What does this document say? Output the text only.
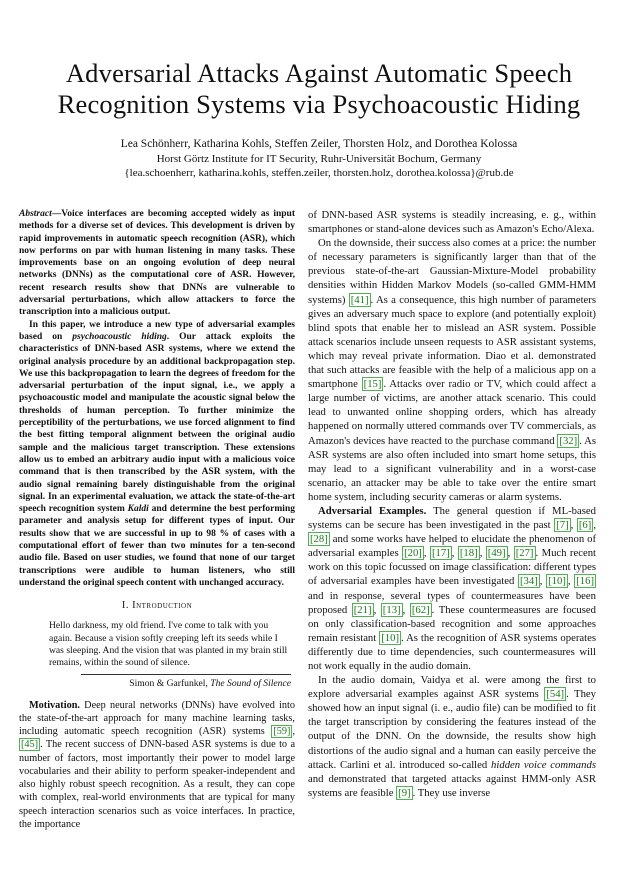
Adversarial Attacks Against Automatic Speech Recognition Systems via Psychoacoustic Hiding
Lea Schönherr, Katharina Kohls, Steffen Zeiler, Thorsten Holz, and Dorothea Kolossa
Horst Görtz Institute for IT Security, Ruhr-Universität Bochum, Germany
{lea.schoenherr, katharina.kohls, steffen.zeiler, thorsten.holz, dorothea.kolossa}@rub.de

Abstract—Voice interfaces are becoming accepted widely as input methods for a diverse set of devices. This development is driven by rapid improvements in automatic speech recognition (ASR), which now performs on par with human listening in many tasks. These improvements base on an ongoing evolution of deep neural networks (DNNs) as the computational core of ASR. However, recent research results show that DNNs are vulnerable to adversarial perturbations, which allow attackers to force the transcription into a malicious output.

In this paper, we introduce a new type of adversarial examples based on psychoacoustic hiding. Our attack exploits the characteristics of DNN-based ASR systems, where we extend the original analysis procedure by an additional backpropagation step. We use this backpropagation to learn the degrees of freedom for the adversarial perturbation of the input signal, i.e., we apply a psychoacoustic model and manipulate the acoustic signal below the thresholds of human perception. To further minimize the perceptibility of the perturbations, we use forced alignment to find the best fitting temporal alignment between the original audio sample and the malicious target transcription. These extensions allow us to embed an arbitrary audio input with a malicious voice command that is then transcribed by the ASR system, with the audio signal remaining barely distinguishable from the original signal. In an experimental evaluation, we attack the state-of-the-art speech recognition system Kaldi and determine the best performing parameter and analysis setup for different types of input. Our results show that we are successful in up to 98 % of cases with a computational effort of fewer than two minutes for a ten-second audio file. Based on user studies, we found that none of our target transcriptions were audible to human listeners, who still understand the original speech content with unchanged accuracy.

I. Introduction
Hello darkness, my old friend. I've come to talk with you again. Because a vision softly creeping left its seeds while I was sleeping. And the vision that was planted in my brain still remains, within the sound of silence.
Simon & Garfunkel, The Sound of Silence

Motivation. Deep neural networks (DNNs) have evolved into the state-of-the-art approach for many machine learning tasks, including automatic speech recognition (ASR) systems [59] , [45] . The recent success of DNN-based ASR systems is due to a number of factors, most importantly their power to model large vocabularies and their ability to perform speaker-independent and also highly robust speech recognition. As a result, they can cope with complex, real-world environments that are typical for many speech interaction scenarios such as voice interfaces. In practice, the importance

of DNN-based ASR systems is steadily increasing, e. g., within smartphones or stand-alone devices such as Amazon's Echo/Alexa.

On the downside, their success also comes at a price: the number of necessary parameters is significantly larger than that of the previous state-of-the-art Gaussian-Mixture-Model probability densities within Hidden Markov Models (so-called GMM-HMM systems) [41] . As a consequence, this high number of parameters gives an adversary much space to explore (and potentially exploit) blind spots that enable her to mislead an ASR system. Possible attack scenarios include unseen requests to ASR assistant systems, which may reveal private information. Diao et al. demonstrated that such attacks are feasible with the help of a malicious app on a smartphone [15] . Attacks over radio or TV, which could affect a large number of victims, are another attack scenario. This could lead to unwanted online shopping orders, which has already happened on normally uttered commands over TV commercials, as Amazon's devices have reacted to the purchase command [32] . As ASR systems are also often included into smart home setups, this may lead to a significant vulnerability and in a worst-case scenario, an attacker may be able to take over the entire smart home system, including security cameras or alarm systems.

Adversarial Examples. The general question if ML-based systems can be secure has been investigated in the past [7] , [6] , [28] and some works have helped to elucidate the phenomenon of adversarial examples [20] , [17] , [18] , [49] , [27] . Much recent work on this topic focussed on image classification: different types of adversarial examples have been investigated [34] , [10] , [16] and in response, several types of countermeasures have been proposed [21] , [13] , [62] . These countermeasures are focused on only classification-based recognition and some approaches remain resistant [10] . As the recognition of ASR systems operates differently due to time dependencies, such countermeasures will not work equally in the audio domain.

In the audio domain, Vaidya et al. were among the first to explore adversarial examples against ASR systems [54] . They showed how an input signal (i. e., audio file) can be modified to fit the target transcription by considering the features instead of the output of the DNN. On the downside, the results show high distortions of the audio signal and a human can easily perceive the attack. Carlini et al. introduced so-called hidden voice commands and demonstrated that targeted attacks against HMM-only ASR systems are feasible [9] . They use inverse
